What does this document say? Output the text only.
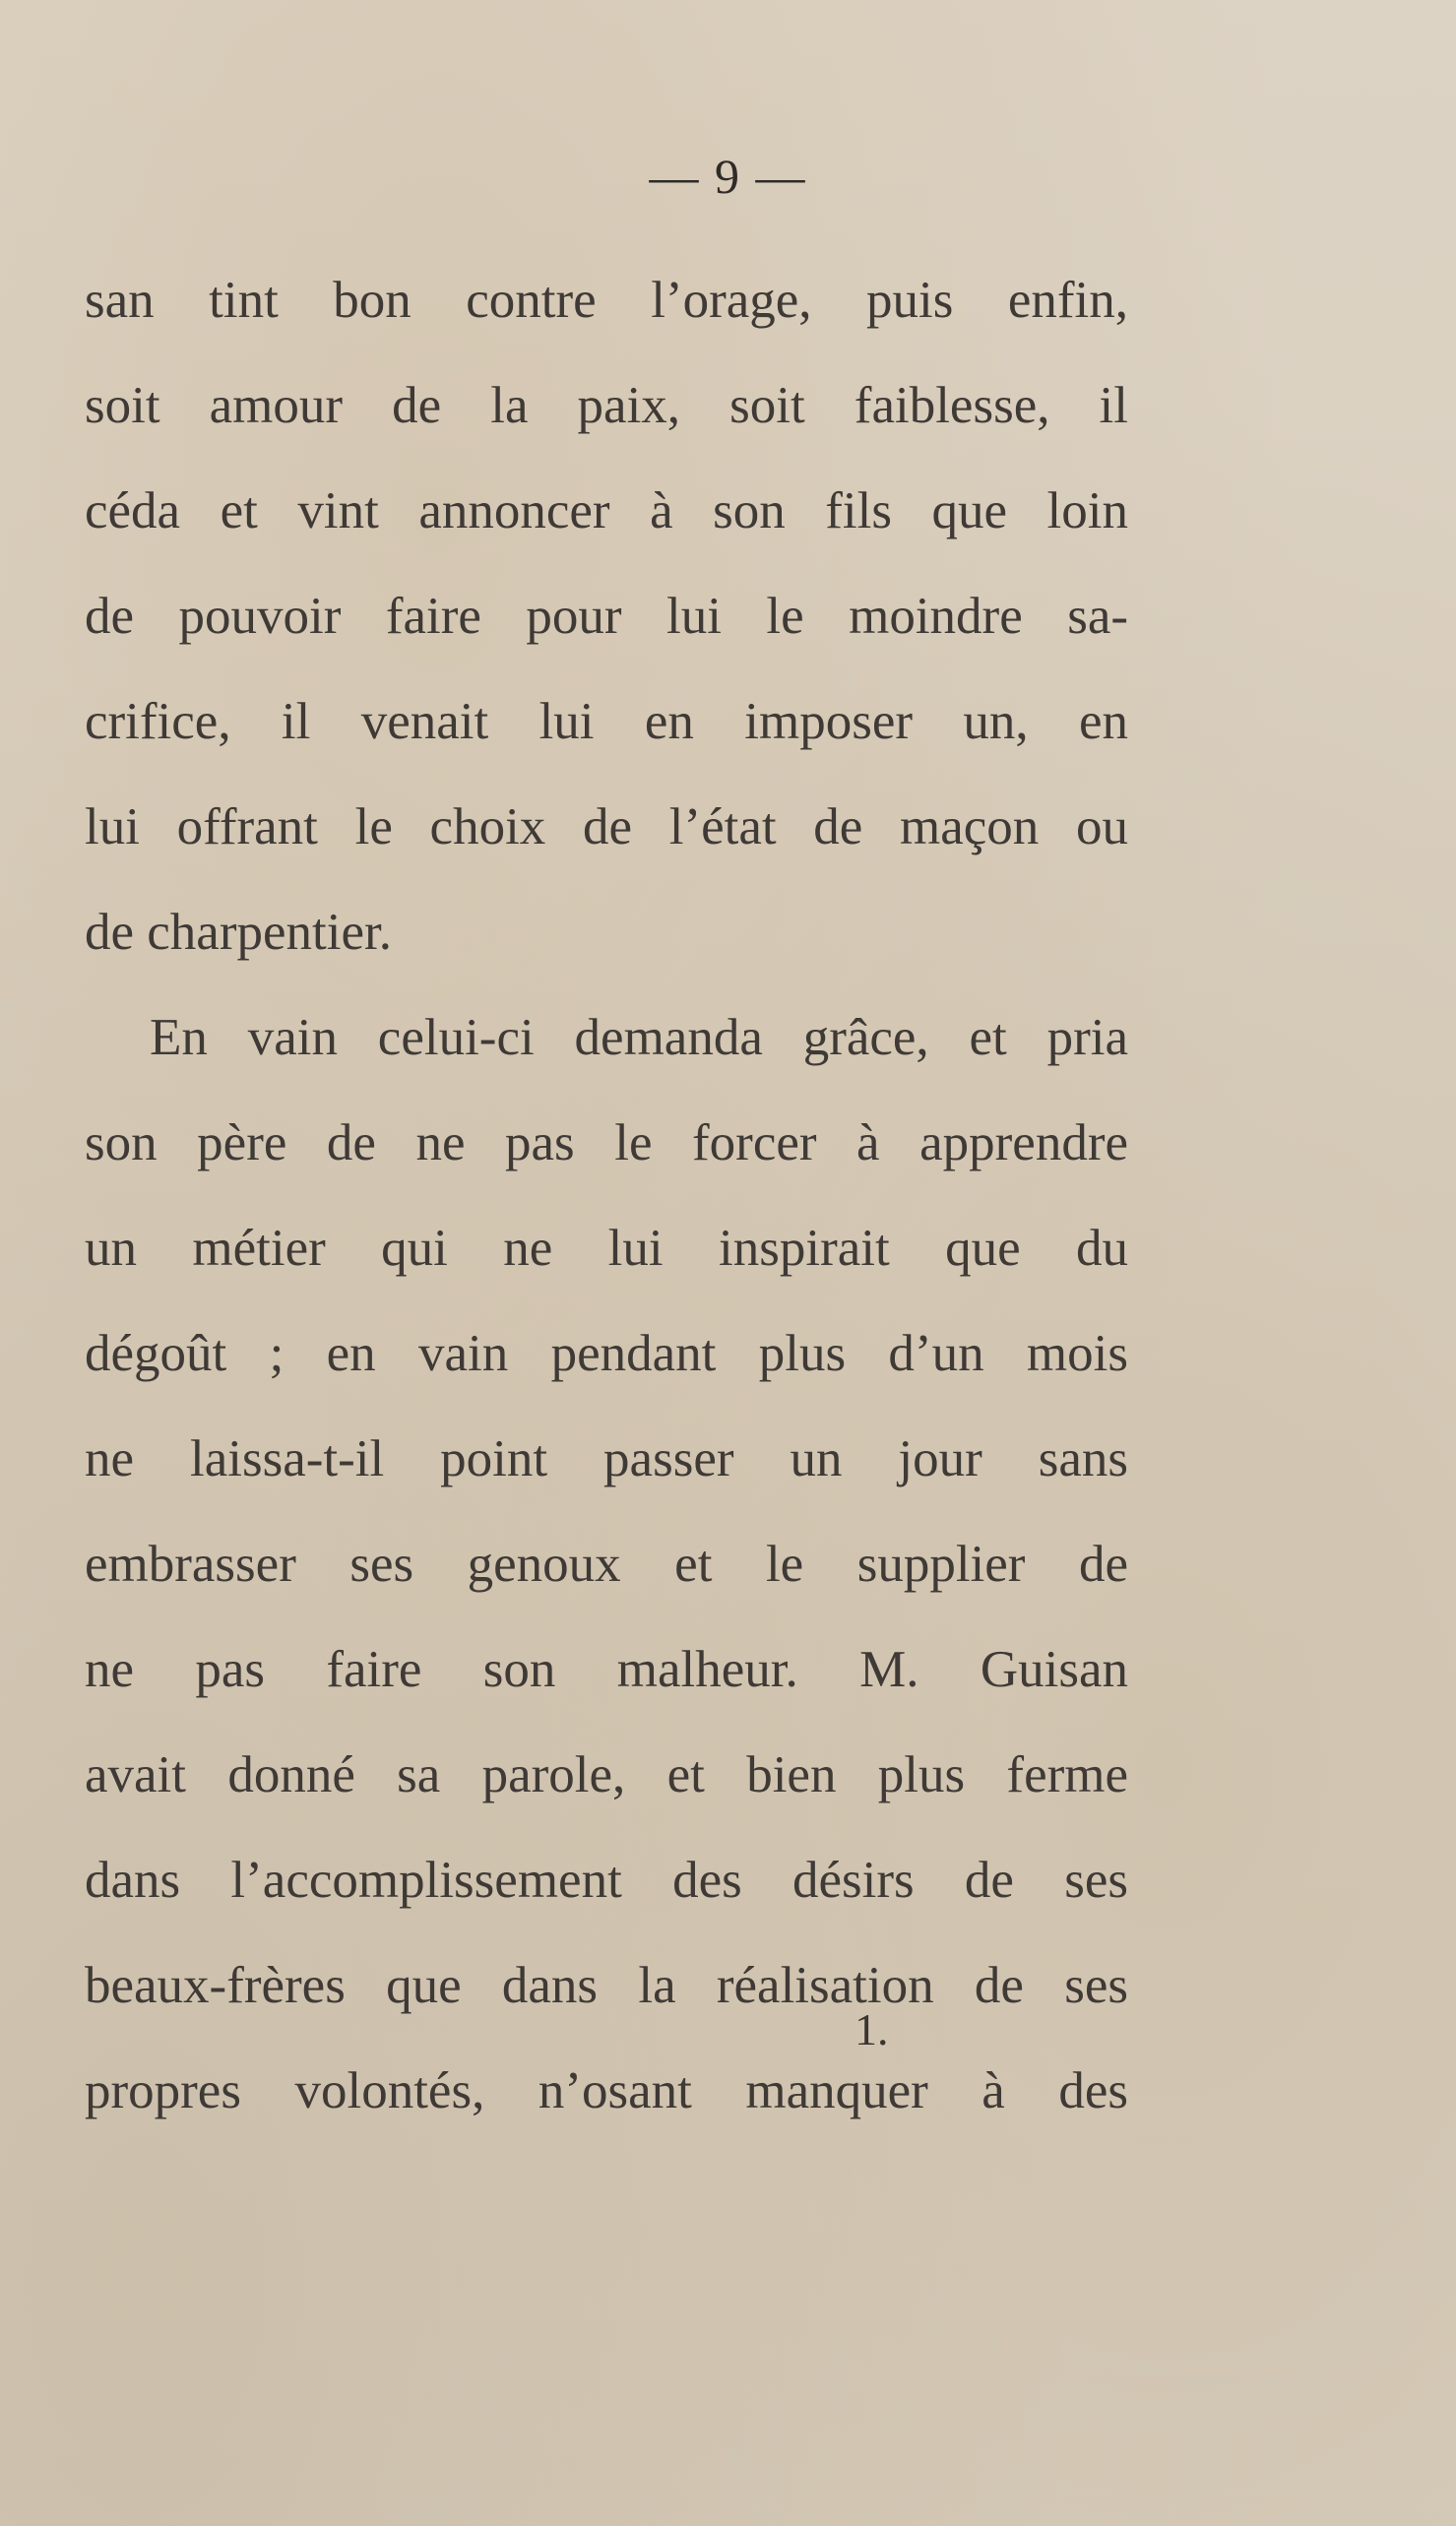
— 9 —
san tint bon contre l’orage, puis enfin,
soit amour de la paix, soit faiblesse, il
céda et vint annoncer à son fils que loin
de pouvoir faire pour lui le moindre sa-
crifice, il venait lui en imposer un, en
lui offrant le choix de l’état de maçon ou
de charpentier.
En vain celui-ci demanda grâce, et pria
son père de ne pas le forcer à apprendre
un métier qui ne lui inspirait que du
dégoût ; en vain pendant plus d’un mois
ne laissa-t-il point passer un jour sans
embrasser ses genoux et le supplier de
ne pas faire son malheur. M. Guisan
avait donné sa parole, et bien plus ferme
dans l’accomplissement des désirs de ses
beaux-frères que dans la réalisation de ses
propres volontés, n’osant manquer à des
1.
